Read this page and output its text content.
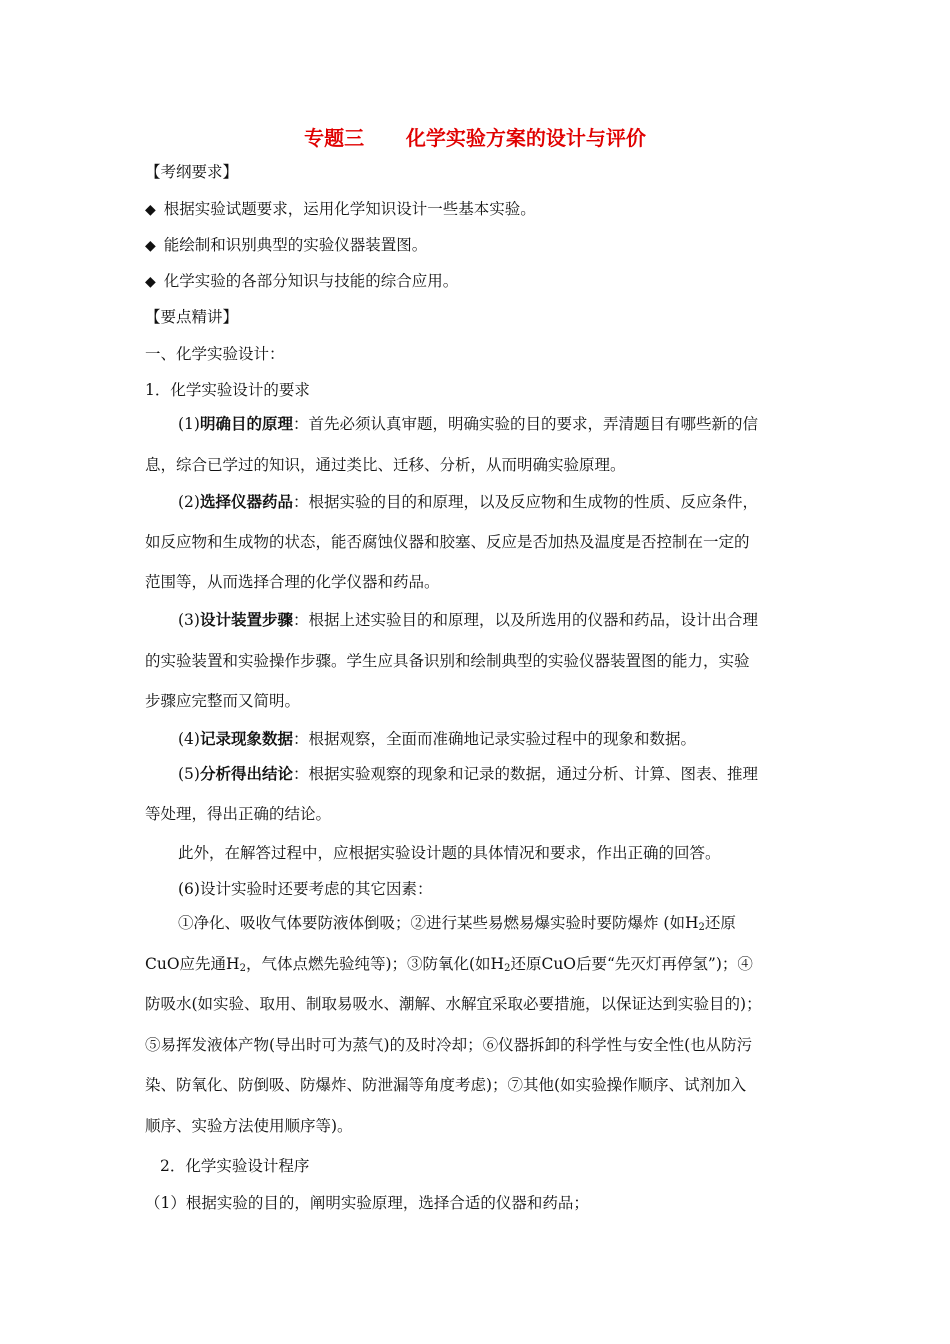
专题三      化学实验方案的设计与评价
【考纲要求】
◆ 根据实验试题要求，运用化学知识设计一些基本实验。
◆ 能绘制和识别典型的实验仪器装置图。
◆ 化学实验的各部分知识与技能的综合应用。
【要点精讲】
一、化学实验设计：
1．化学实验设计的要求
(1)明确目的原理：首先必须认真审题，明确实验的目的要求，弄清题目有哪些新的信
息，综合已学过的知识，通过类比、迁移、分析，从而明确实验原理。
(2)选择仪器药品：根据实验的目的和原理，以及反应物和生成物的性质、反应条件，
如反应物和生成物的状态，能否腐蚀仪器和胶塞、反应是否加热及温度是否控制在一定的
范围等，从而选择合理的化学仪器和药品。
(3)设计装置步骤：根据上述实验目的和原理，以及所选用的仪器和药品，设计出合理
的实验装置和实验操作步骤。学生应具备识别和绘制典型的实验仪器装置图的能力，实验
步骤应完整而又简明。
(4)记录现象数据：根据观察，全面而准确地记录实验过程中的现象和数据。
(5)分析得出结论：根据实验观察的现象和记录的数据，通过分析、计算、图表、推理
等处理，得出正确的结论。
此外，在解答过程中，应根据实验设计题的具体情况和要求，作出正确的回答。
(6)设计实验时还要考虑的其它因素：
①净化、吸收气体要防液体倒吸；②进行某些易燃易爆实验时要防爆炸 (如$H_2$还原
CuO应先通$H_2$，气体点燃先验纯等)；③防氧化(如$H_2$还原CuO后要“先灭灯再停氢”)；④
防吸水(如实验、取用、制取易吸水、潮解、水解宜采取必要措施，以保证达到实验目的)；
⑤易挥发液体产物(导出时可为蒸气)的及时冷却；⑥仪器拆卸的科学性与安全性(也从防污
染、防氧化、防倒吸、防爆炸、防泄漏等角度考虑)；⑦其他(如实验操作顺序、试剂加入
顺序、实验方法使用顺序等)。
2．化学实验设计程序
（1）根据实验的目的，阐明实验原理，选择合适的仪器和药品；
